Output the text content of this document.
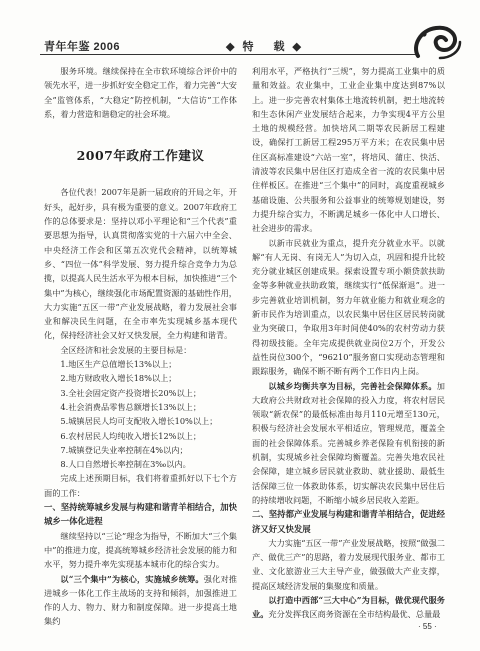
青年年鉴 2006	◆ 特 载 ◆

服务环境。继续保持在全市软环境综合评价中的领先水平，进一步抓好安全稳定工作，着力完善“大安全”监管体系，“大稳定”防控机制，“大信访”工作体系，着力营造和谐稳定的社会环境。

2007年政府工作建议

各位代表！2007年是新一届政府的开局之年，开好头，起好步，具有极为重要的意义。2007年政府工作的总体要求是：坚持以邓小平理论和“三个代表”重要思想为指导，认真贯彻落实党的十六届六中全会、中央经济工作会和区第五次党代会精神，以统筹城乡、“四位一体”科学发展、努力提升综合竞争力为总揽，以提高人民生活水平为根本目标，加快推进“三个集中”为核心，继续强化市场配置资源的基础性作用，大力实施“五区一带”产业发展战略，着力发展社会事业和解决民生问题，在全市率先实现城乡基本现代化，保持经济社会又好又快发展，全力构建和谐青。

全区经济和社会发展的主要目标是：

1.地区生产总值增长13%以上；

2.地方财政收入增长18%以上；

3.全社会固定资产投资增长20%以上；

4.社会消费品零售总额增长13%以上；

5.城镇居民人均可支配收入增长10%以上；

6.农村居民人均纯收入增长12%以上；

7.城镇登记失业率控制在4%以内；

8.人口自然增长率控制在3‰以内。

完成上述预期目标，我们将着重抓好以下七个方面的工作：

一、坚持统筹城乡发展与构建和谐青羊相结合，加快城乡一体化进程

继续坚持以“三论”理念为指导，不断加大“三个集中”的推进力度，提高统筹城乡经济社会发展的能力和水平，努力提升率先实现基本城市化的综合实力。

以“三个集中”为核心，实施城乡统筹。强化对推进城乡一体化工作主战场的支持和倾斜，加强推进工作的人力、物力、财力和制度保障。进一步提高土地集约

利用水平，严格执行“三规”，努力提高工业集中的质量和效益。农业集中，工业企业集中度达到87%以上。进一步完善农村集体土地流转机制，把土地流转和生态休闲产业发展结合起来，力争实现4平方公里土地的规模经营。加快培风二期等农民新居工程建设，确保打工新居工程295万平方米；在农民集中居住区高标准建设“六站一室”，将培风、蒲庄、快活、清波等农民集中居住区打造成全省一流的农民集中居住样板区。在推进“三个集中”的同时，高度重视城乡基础设施、公共服务和公益事业的统筹规划建设，努力提升综合实力，不断满足城乡一体化中人口增长、社会进步的需求。

以新市民就业为重点，提升充分就业水平。以就解“有人无岗、有岗无人”为切入点，巩固和提升比较充分就业城区创建成果。探索设置专项小额贷款扶助金等多种就业扶助政策，继续实行“低保渐退”。进一步完善就业培训机制，努力年就业能力和就业观念的新市民作为培训重点，以农民集中居住区居民转岗就业为突破口，争取用3年时间使40%的农村劳动力获得初级技能。全年完成提供就业岗位2万个，开发公益性岗位300个，“96210”服务窗口实现动态管理和跟踪服务，确保不断不断有两个工作日内上岗。

以城乡均衡共享为目标，完善社会保障体系。加大政府公共财政对社会保障的投入力度，将农村居民领取“新农保”的最低标准由每月110元增至130元，积极与经济社会发展水平相适应，管理规范，覆盖全面的社会保障体系。完善城乡养老保险有机衔接的新机制，实现城乡社会保障均衡覆盖。完善失地农民社会保障，建立城乡居民就业救助、就业援助、最低生活保障三位一体救助体系，切实解决农民集中居住后的持续增收问题，不断缩小城乡居民收入差距。

二、坚持都产业发展与构建和谐青羊相结合，促进经济又好又快发展

大力实施“五区一带”产业发展战略，按照“做强二产、做优三产”的思路，着力发展现代服务业、都市工业、文化旅游业三大主导产业，做强做大产业支撑，提高区域经济发展的集聚度和质量。

以打造中西部“三大中心”为目标，做优现代服务业。充分发挥我区商务资源在全市结构最优、总量最

· 55 ·
